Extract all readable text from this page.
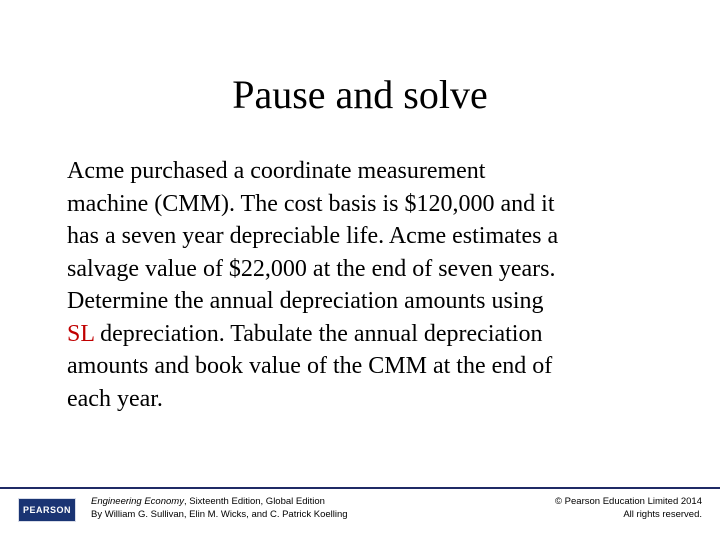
Pause and solve
Acme purchased a coordinate measurement
machine (CMM). The cost basis is $120,000 and it
has a seven year depreciable life. Acme estimates a
salvage value of $22,000 at the end of seven years.
Determine the annual depreciation amounts using
SL depreciation. Tabulate the annual depreciation
amounts and book value of the CMM at the end of
each year.
PEARSON
Engineering Economy, Sixteenth Edition, Global Edition
By William G. Sullivan, Elin M. Wicks, and C. Patrick Koelling
© Pearson Education Limited 2014
All rights reserved.
